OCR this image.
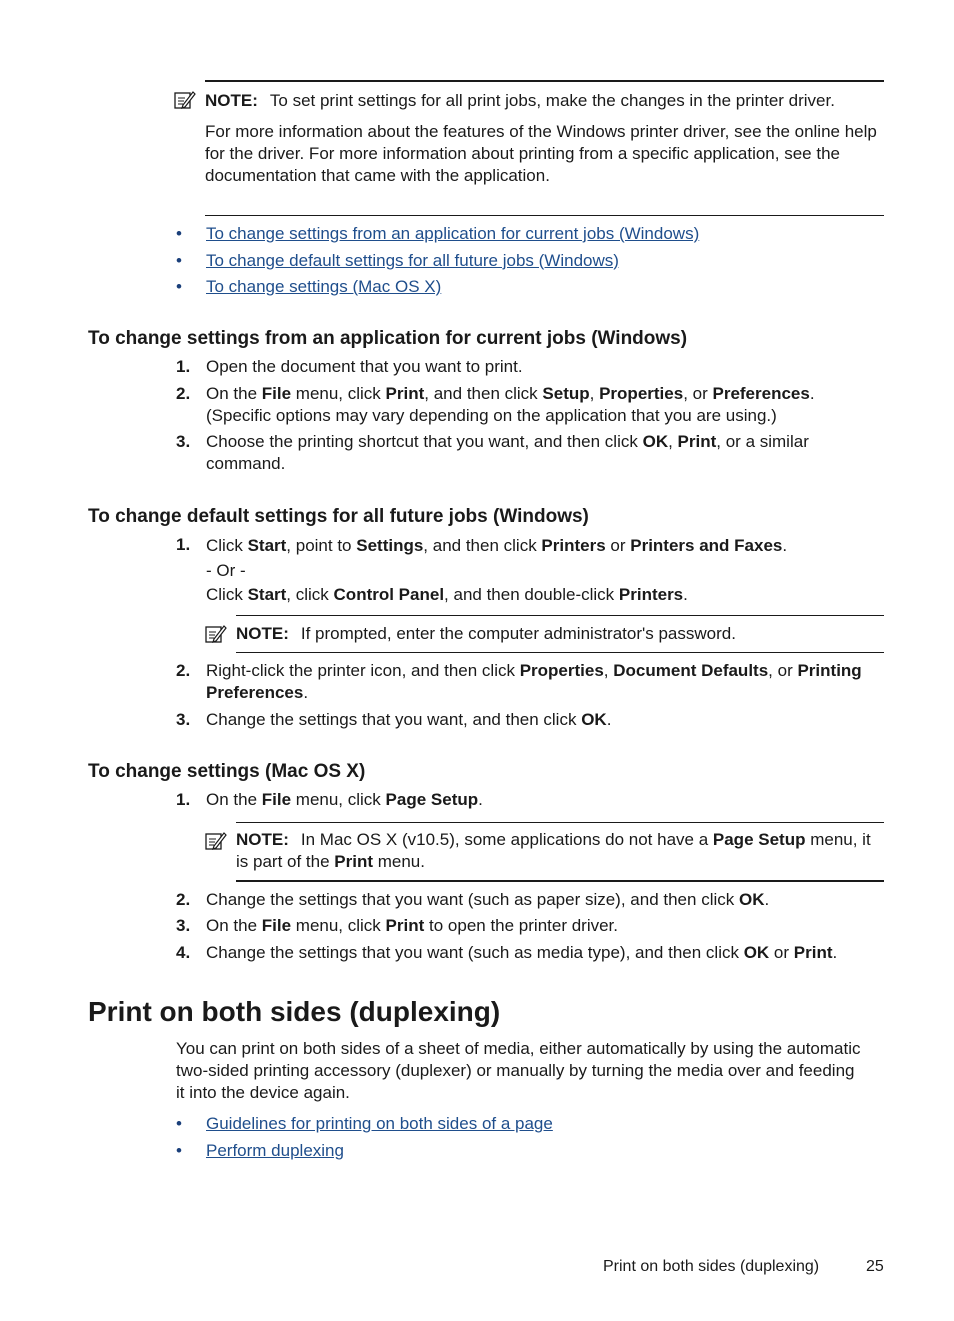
NOTE: To set print settings for all print jobs, make the changes in the printer driver.

For more information about the features of the Windows printer driver, see the online help for the driver. For more information about printing from a specific application, see the documentation that came with the application.

• To change settings from an application for current jobs (Windows)
• To change default settings for all future jobs (Windows)
• To change settings (Mac OS X)
To change settings from an application for current jobs (Windows)
1. Open the document that you want to print.
2. On the File menu, click Print, and then click Setup, Properties, or Preferences.
(Specific options may vary depending on the application that you are using.)
3. Choose the printing shortcut that you want, and then click OK, Print, or a similar command.
To change default settings for all future jobs (Windows)
1. Click Start, point to Settings, and then click Printers or Printers and Faxes.
- Or -
Click Start, click Control Panel, and then double-click Printers.

NOTE: If prompted, enter the computer administrator's password.

2. Right-click the printer icon, and then click Properties, Document Defaults, or Printing Preferences.
3. Change the settings that you want, and then click OK.
To change settings (Mac OS X)
1. On the File menu, click Page Setup.

NOTE: In Mac OS X (v10.5), some applications do not have a Page Setup menu, it is part of the Print menu.

2. Change the settings that you want (such as paper size), and then click OK.
3. On the File menu, click Print to open the printer driver.
4. Change the settings that you want (such as media type), and then click OK or Print.
Print on both sides (duplexing)

You can print on both sides of a sheet of media, either automatically by using the automatic two-sided printing accessory (duplexer) or manually by turning the media over and feeding it into the device again.

• Guidelines for printing on both sides of a page
• Perform duplexing
Print on both sides (duplexing)	25
